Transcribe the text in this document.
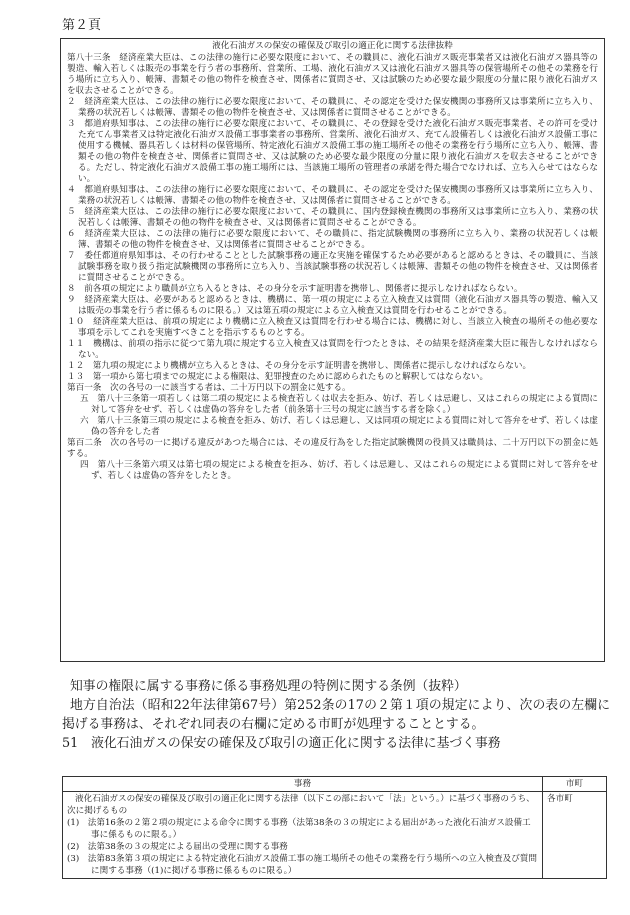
第２頁
液化石油ガスの保安の確保及び取引の適正化に関する法律抜粋

第八十三条　経済産業大臣は、この法律の施行に必要な限度において、その職員に、液化石油ガス販売事業者又は液化石油ガス器具等の製造、輸入若しくは販売の事業を行う者の事務所、営業所、工場、液化石油ガス又は液化石油ガス器具等の保管場所その他その業務を行う場所に立ち入り、帳簿、書類その他の物件を検査させ、関係者に質問させ、又は試験のため必要な最少限度の分量に限り液化石油ガスを収去させることができる。

２　経済産業大臣は、この法律の施行に必要な限度において、その職員に、その認定を受けた保安機関の事務所又は事業所に立ち入り、業務の状況若しくは帳簿、書類その他の物件を検査させ、又は関係者に質問させることができる。

３　都道府県知事は、この法律の施行に必要な限度において、その職員に、その登録を受けた液化石油ガス販売事業者、その許可を受けた充てん事業者又は特定液化石油ガス設備工事事業者の事務所、営業所、液化石油ガス、充てん設備若しくは液化石油ガス設備工事に使用する機械、器具若しくは材料の保管場所、特定液化石油ガス設備工事の施工場所その他その業務を行う場所に立ち入り、帳簿、書類その他の物件を検査させ、関係者に質問させ、又は試験のため必要な最少限度の分量に限り液化石油ガスを収去させることができる。ただし、特定液化石油ガス設備工事の施工場所には、当該施工場所の管理者の承諾を得た場合でなければ、立ち入らせてはならない。

４　都道府県知事は、この法律の施行に必要な限度において、その職員に、その認定を受けた保安機関の事務所又は事業所に立ち入り、業務の状況若しくは帳簿、書類その他の物件を検査させ、又は関係者に質問させることができる。

５　経済産業大臣は、この法律の施行に必要な限度において、その職員に、国内登録検査機関の事務所又は事業所に立ち入り、業務の状況若しくは帳簿、書類その他の物件を検査させ、又は関係者に質問させることができる。

６　経済産業大臣は、この法律の施行に必要な限度において、その職員に、指定試験機関の事務所に立ち入り、業務の状況若しくは帳簿、書類その他の物件を検査させ、又は関係者に質問させることができる。

７　委任都道府県知事は、その行わせることとした試験事務の適正な実施を確保するため必要があると認めるときは、その職員に、当該試験事務を取り扱う指定試験機関の事務所に立ち入り、当該試験事務の状況若しくは帳簿、書類その他の物件を検査させ、又は関係者に質問させることができる。

８　前各項の規定により職員が立ち入るときは、その身分を示す証明書を携帯し、関係者に提示しなければならない。

９　経済産業大臣は、必要があると認めるときは、機構に、第一項の規定による立入検査又は質問（液化石油ガス器具等の製造、輸入又は販売の事業を行う者に係るものに限る。）又は第五項の規定による立入検査又は質問を行わせることができる。

１０　経済産業大臣は、前項の規定により機構に立入検査又は質問を行わせる場合には、機構に対し、当該立入検査の場所その他必要な事項を示してこれを実施すべきことを指示するものとする。

１１　機構は、前項の指示に従つて第九項に規定する立入検査又は質問を行つたときは、その結果を経済産業大臣に報告しなければならない。

１２　第九項の規定により機構が立ち入るときは、その身分を示す証明書を携帯し、関係者に提示しなければならない。

１３　第一項から第七項までの規定による権限は、犯罪捜査のために認められたものと解釈してはならない。

第百一条　次の各号の一に該当する者は、二十万円以下の罰金に処する。

五　第八十三条第一項若しくは第二項の規定による検査若しくは収去を拒み、妨げ、若しくは忌避し、又はこれらの規定による質問に対して答弁をせず、若しくは虚偽の答弁をした者（前条第十三号の規定に該当する者を除く。）

六　第八十三条第三項の規定による検査を拒み、妨げ、若しくは忌避し、又は同項の規定による質問に対して答弁をせず、若しくは虚偽の答弁をした者

第百二条　次の各号の一に掲げる違反があつた場合には、その違反行為をした指定試験機関の役員又は職員は、二十万円以下の罰金に処する。

四　第八十三条第六項又は第七項の規定による検査を拒み、妨げ、若しくは忌避し、又はこれらの規定による質問に対して答弁をせず、若しくは虚偽の答弁をしたとき。

知事の権限に属する事務に係る事務処理の特例に関する条例（抜粋）

地方自治法（昭和22年法律第67号）第252条の17の２第１項の規定により、次の表の左欄に掲げる事務は、それぞれ同表の右欄に定める市町が処理することとする。

51　液化石油ガスの保安の確保及び取引の適正化に関する法律に基づく事務

事務	市町

液化石油ガスの保安の確保及び取引の適正化に関する法律（以下この部において「法」という。）に基づく事務のうち、次に掲げるもの

(1)　法第16条の２第２項の規定による命令に関する事務（法第38条の３の規定による届出があった液化石油ガス設備工事に係るものに限る。）

(2)　法第38条の３の規定による届出の受理に関する事務

(3)　法第83条第３項の規定による特定液化石油ガス設備工事の施工場所その他その業務を行う場所への立入検査及び質問に関する事務（(1)に掲げる事務に係るものに限る。）	各市町
